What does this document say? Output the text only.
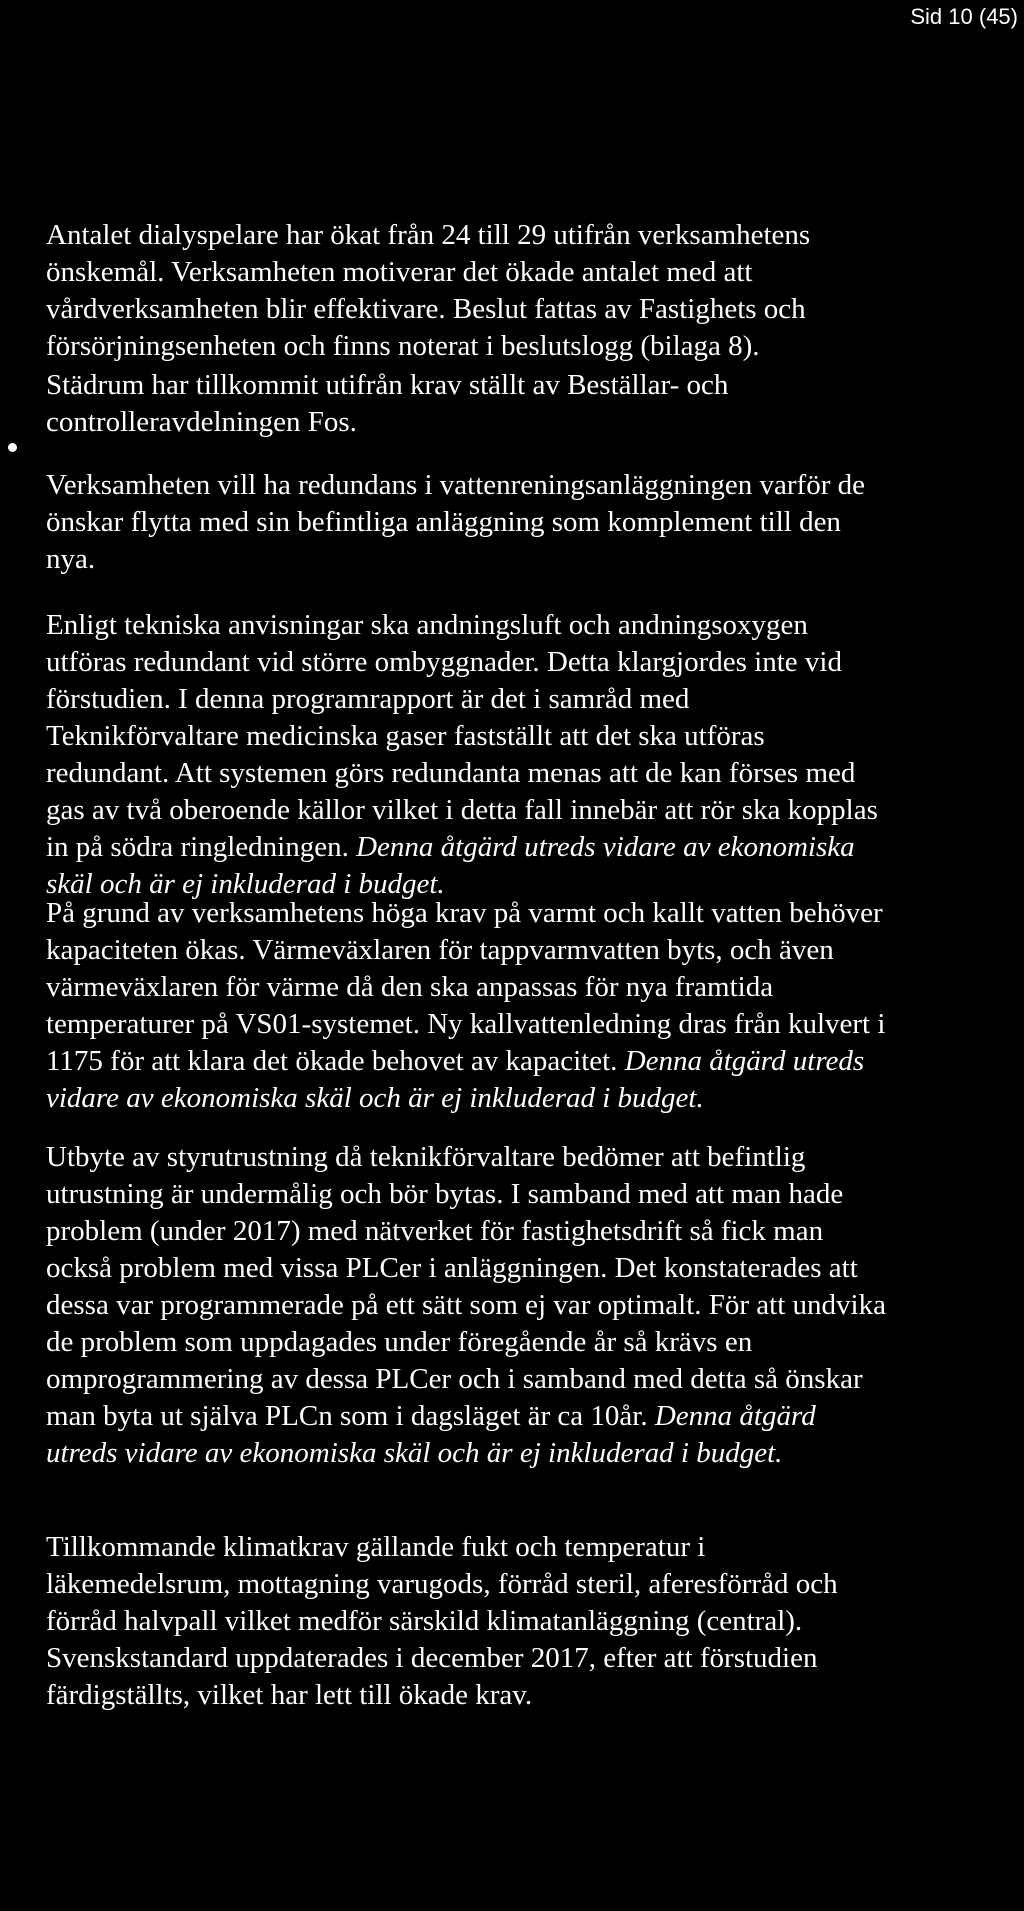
Sid 10 (45)

Antalet dialyspelare har ökat från 24 till 29 utifrån verksamhetens
önskemål. Verksamheten motiverar det ökade antalet med att
vårdverksamheten blir effektivare. Beslut fattas av Fastighets och
försörjningsenheten och finns noterat i beslutslogg (bilaga 8).

Städrum har tillkommit utifrån krav ställt av Beställar- och
controlleravdelningen Fos.

Verksamheten vill ha redundans i vattenreningsanläggningen varför de
önskar flytta med sin befintliga anläggning som komplement till den
nya.

Enligt tekniska anvisningar ska andningsluft och andningsoxygen
utföras redundant vid större ombyggnader. Detta klargjordes inte vid
förstudien. I denna programrapport är det i samråd med
Teknikförvaltare medicinska gaser fastställt att det ska utföras
redundant. Att systemen görs redundanta menas att de kan förses med
gas av två oberoende källor vilket i detta fall innebär att rör ska kopplas
in på södra ringledningen. Denna åtgärd utreds vidare av ekonomiska
skäl och är ej inkluderad i budget.

På grund av verksamhetens höga krav på varmt och kallt vatten behöver
kapaciteten ökas. Värmeväxlaren för tappvarmvatten byts, och även
värmeväxlaren för värme då den ska anpassas för nya framtida
temperaturer på VS01-systemet. Ny kallvattenledning dras från kulvert i
1175 för att klara det ökade behovet av kapacitet. Denna åtgärd utreds
vidare av ekonomiska skäl och är ej inkluderad i budget.

Utbyte av styrutrustning då teknikförvaltare bedömer att befintlig
utrustning är undermålig och bör bytas. I samband med att man hade
problem (under 2017) med nätverket för fastighetsdrift så fick man
också problem med vissa PLCer i anläggningen. Det konstaterades att
dessa var programmerade på ett sätt som ej var optimalt. För att undvika
de problem som uppdagades under föregående år så krävs en
omprogrammering av dessa PLCer och i samband med detta så önskar
man byta ut själva PLCn som i dagsläget är ca 10år. Denna åtgärd
utreds vidare av ekonomiska skäl och är ej inkluderad i budget.

Tillkommande klimatkrav gällande fukt och temperatur i
läkemedelsrum, mottagning varugods, förråd steril, aferesförråd och
förråd halvpall vilket medför särskild klimatanläggning (central).
Svenskstandard uppdaterades i december 2017, efter att förstudien
färdigställts, vilket har lett till ökade krav.
